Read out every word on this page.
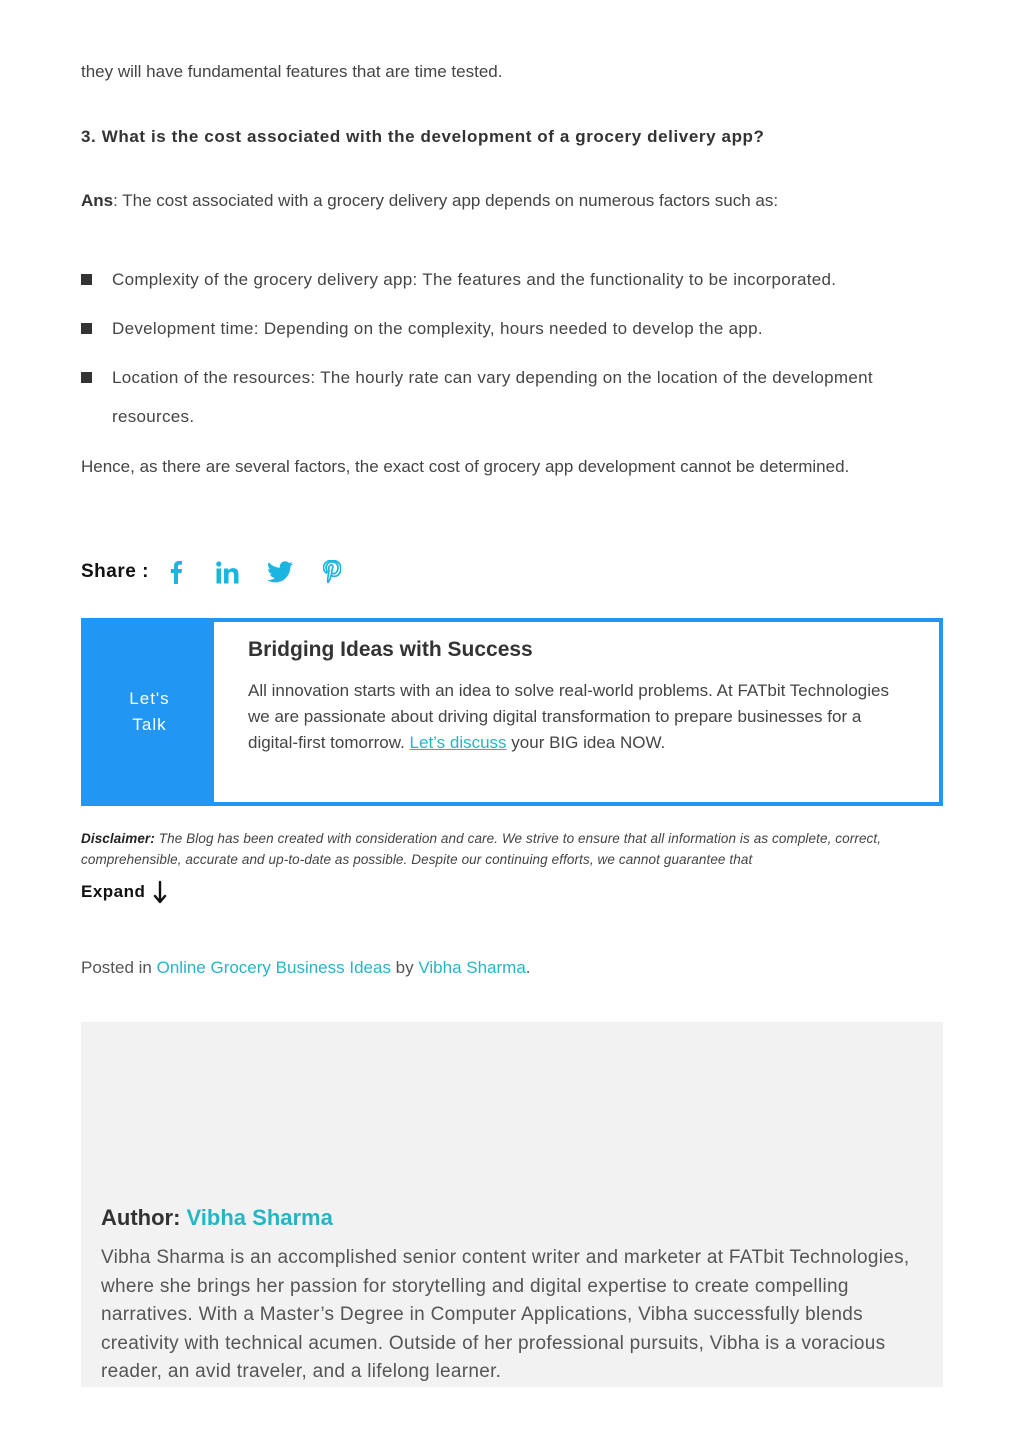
they will have fundamental features that are time tested.
3. What is the cost associated with the development of a grocery delivery app?
Ans: The cost associated with a grocery delivery app depends on numerous factors such as:
Complexity of the grocery delivery app: The features and the functionality to be incorporated.
Development time: Depending on the complexity, hours needed to develop the app.
Location of the resources: The hourly rate can vary depending on the location of the development resources.
Hence, as there are several factors, the exact cost of grocery app development cannot be determined.
Share :
Let's
Talk
Bridging Ideas with Success
All innovation starts with an idea to solve real-world problems. At FATbit Technologies we are passionate about driving digital transformation to prepare businesses for a digital-first tomorrow. Let’s discuss your BIG idea NOW.
Disclaimer: The Blog has been created with consideration and care. We strive to ensure that all information is as complete, correct, comprehensible, accurate and up-to-date as possible. Despite our continuing efforts, we cannot guarantee that
Expand
Posted in Online Grocery Business Ideas by Vibha Sharma.
Author: Vibha Sharma
Vibha Sharma is an accomplished senior content writer and marketer at FATbit Technologies, where she brings her passion for storytelling and digital expertise to create compelling narratives. With a Master’s Degree in Computer Applications, Vibha successfully blends creativity with technical acumen. Outside of her professional pursuits, Vibha is a voracious reader, an avid traveler, and a lifelong learner.
